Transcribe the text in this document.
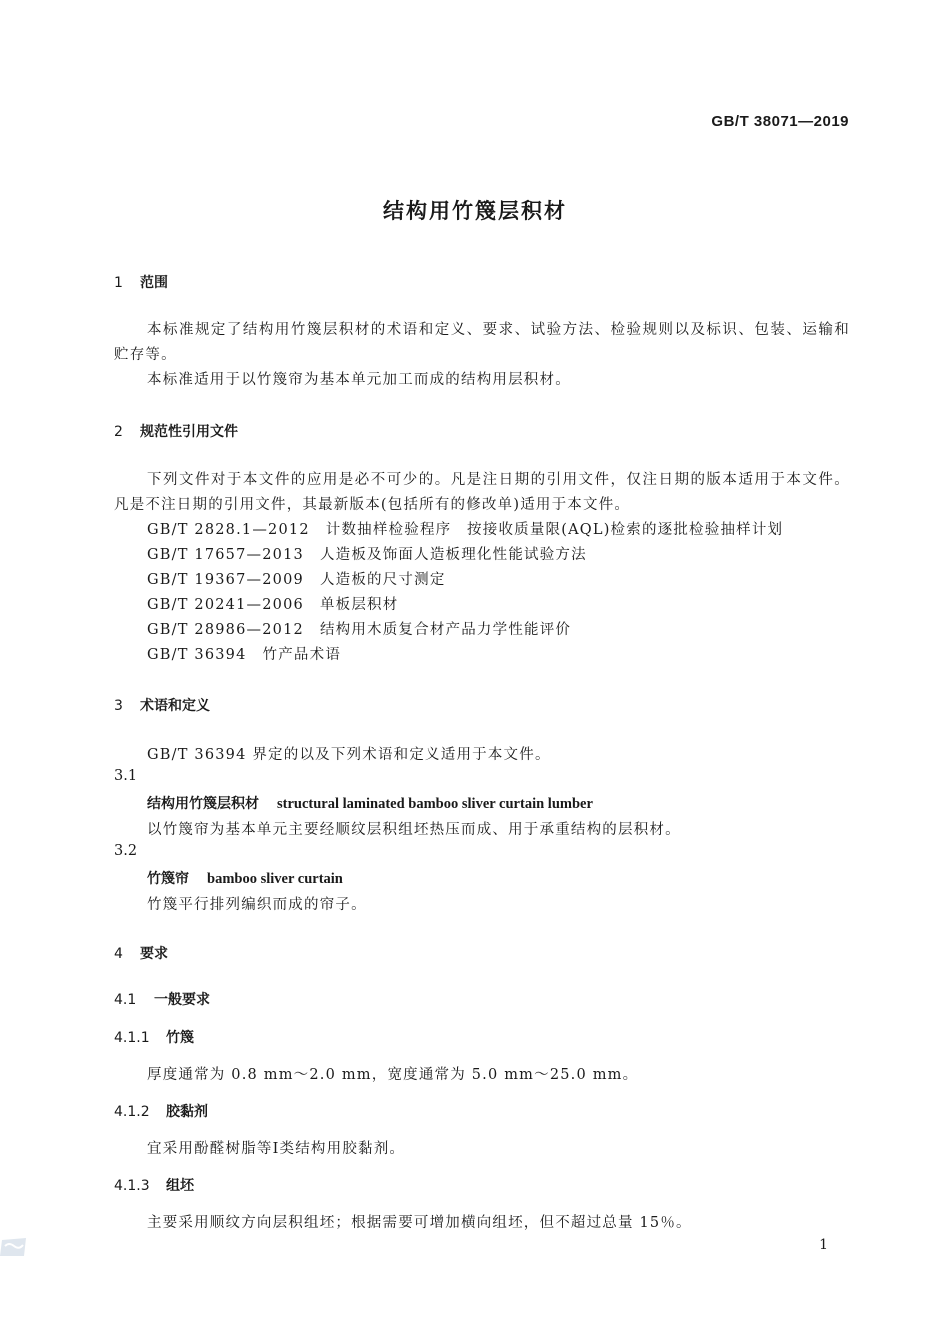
GB/T 38071—2019
结构用竹篾层积材
1 范围
本标准规定了结构用竹篾层积材的术语和定义、要求、试验方法、检验规则以及标识、包装、运输和贮存等。
本标准适用于以竹篾帘为基本单元加工而成的结构用层积材。
2 规范性引用文件
下列文件对于本文件的应用是必不可少的。凡是注日期的引用文件，仅注日期的版本适用于本文件。凡是不注日期的引用文件，其最新版本(包括所有的修改单)适用于本文件。
GB/T 2828.1—2012 计数抽样检验程序　按接收质量限(AQL)检索的逐批检验抽样计划
GB/T 17657—2013 人造板及饰面人造板理化性能试验方法
GB/T 19367—2009 人造板的尺寸测定
GB/T 20241—2006 单板层积材
GB/T 28986—2012 结构用木质复合材产品力学性能评价
GB/T 36394 竹产品术语
3 术语和定义
GB/T 36394 界定的以及下列术语和定义适用于本文件。
3.1
结构用竹篾层积材 structural laminated bamboo sliver curtain lumber
以竹篾帘为基本单元主要经顺纹层积组坯热压而成、用于承重结构的层积材。
3.2
竹篾帘 bamboo sliver curtain
竹篾平行排列编织而成的帘子。
4 要求
4.1 一般要求
4.1.1 竹篾
厚度通常为 0.8 mm～2.0 mm，宽度通常为 5.0 mm～25.0 mm。
4.1.2 胶黏剂
宜采用酚醛树脂等Ⅰ类结构用胶黏剂。
4.1.3 组坯
主要采用顺纹方向层积组坯；根据需要可增加横向组坯，但不超过总量 15％。
1
